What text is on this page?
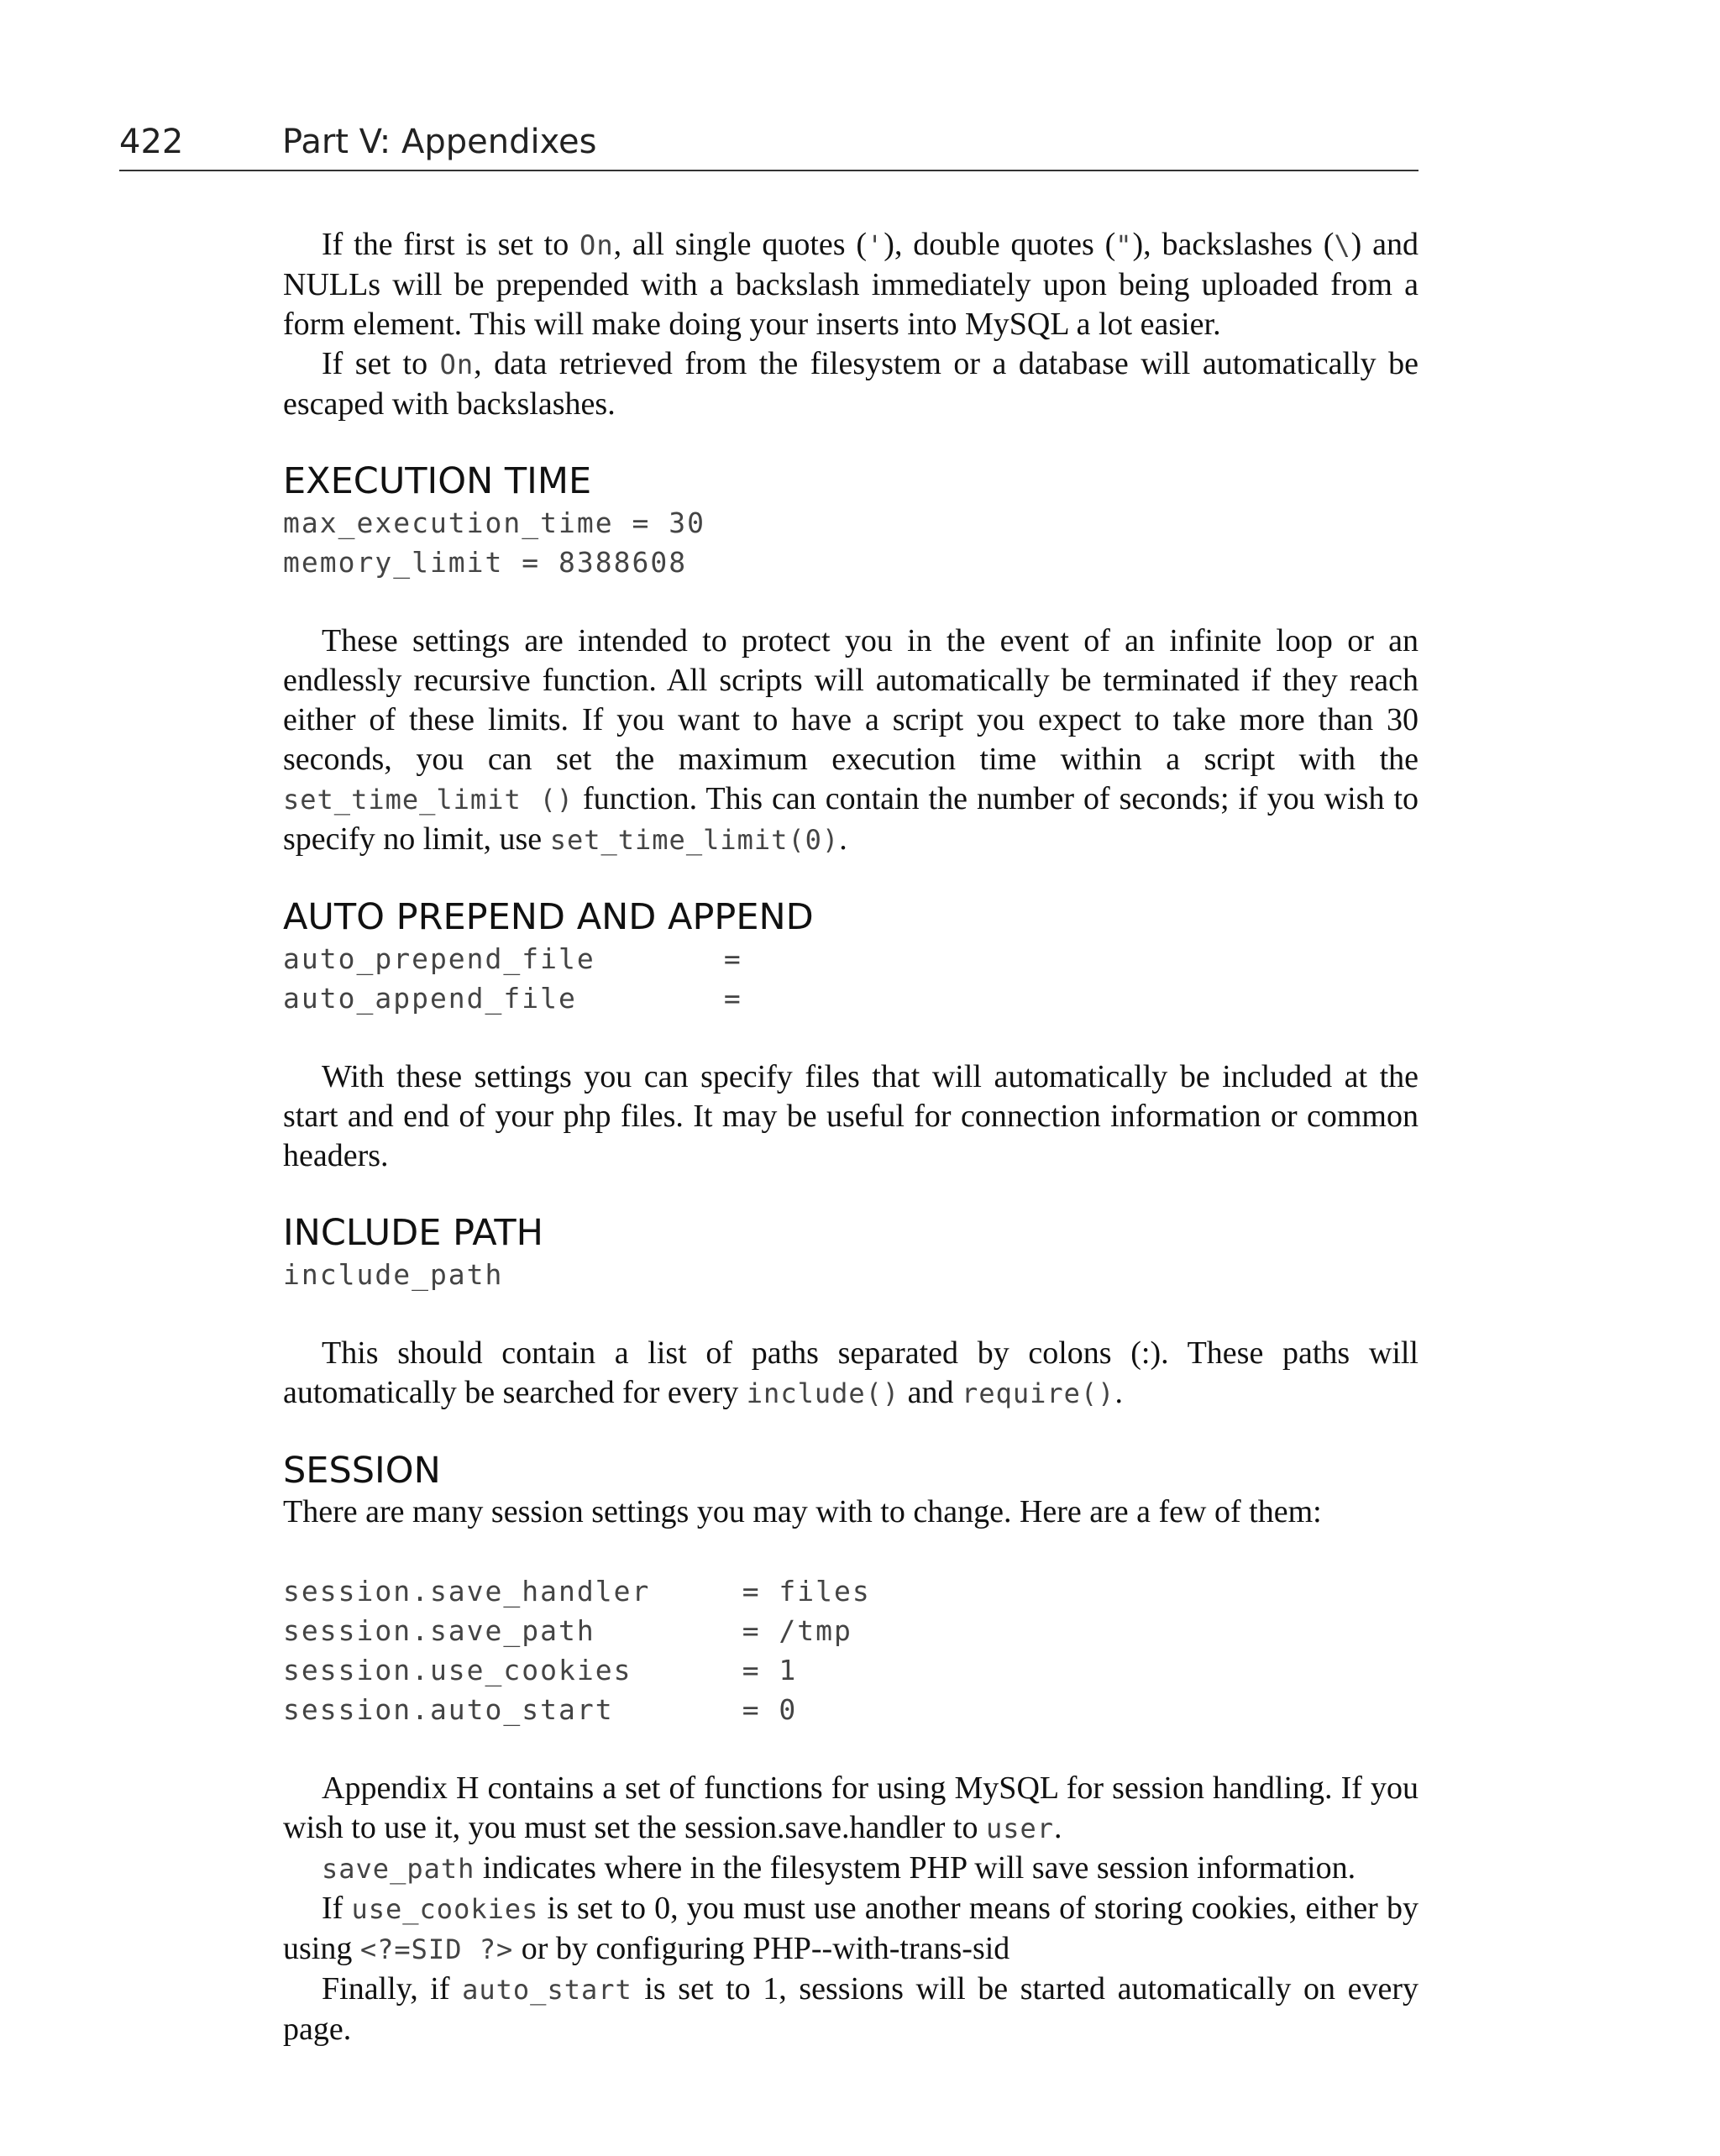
422	Part V: Appendixes

If the first is set to On, all single quotes ('), double quotes ("), backslashes (\) and NULLs will be prepended with a backslash immediately upon being uploaded from a form element. This will make doing your inserts into MySQL a lot easier.

If set to On, data retrieved from the filesystem or a database will automatically be escaped with backslashes.

EXECUTION TIME
max_execution_time = 30
memory_limit = 8388608

These settings are intended to protect you in the event of an infinite loop or an endlessly recursive function. All scripts will automatically be terminated if they reach either of these limits. If you want to have a script you expect to take more than 30 seconds, you can set the maximum execution time within a script with the set_time_limit () function. This can contain the number of seconds; if you wish to specify no limit, use set_time_limit(0).

AUTO PREPEND AND APPEND
auto_prepend_file       =
auto_append_file        =

With these settings you can specify files that will automatically be included at the start and end of your php files. It may be useful for connection information or common headers.

INCLUDE PATH
include_path

This should contain a list of paths separated by colons (:). These paths will automatically be searched for every include() and require().

SESSION

There are many session settings you may with to change. Here are a few of them:

session.save_handler     = files
session.save_path        = /tmp
session.use_cookies      = 1
session.auto_start       = 0

Appendix H contains a set of functions for using MySQL for session handling. If you wish to use it, you must set the session.save.handler to user.

save_path indicates where in the filesystem PHP will save session information.

If use_cookies is set to 0, you must use another means of storing cookies, either by using <?=SID ?> or by configuring PHP--with-trans-sid

Finally, if auto_start is set to 1, sessions will be started automatically on every page.
